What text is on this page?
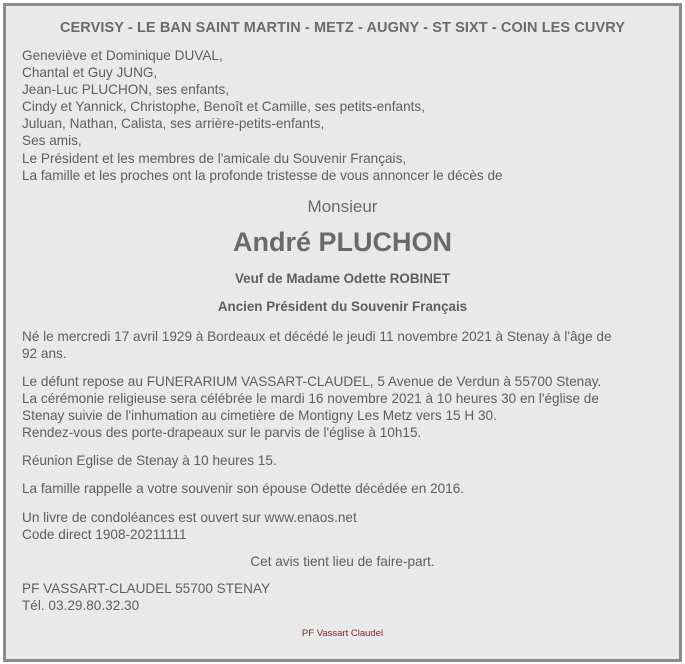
CERVISY - LE BAN SAINT MARTIN - METZ - AUGNY - ST SIXT - COIN LES CUVRY
Geneviève et Dominique DUVAL,
Chantal et Guy JUNG,
Jean-Luc PLUCHON, ses enfants,
Cindy et Yannick, Christophe, Benoît et Camille, ses petits-enfants,
Juluan, Nathan, Calista, ses arrière-petits-enfants,
Ses amis,
Le Président et les membres de l'amicale du Souvenir Français,
La famille et les proches ont la profonde tristesse de vous annoncer le décès de
Monsieur
André PLUCHON
Veuf de Madame Odette ROBINET
Ancien Président du Souvenir Français
Né le mercredi 17 avril 1929 à Bordeaux et décédé le jeudi 11 novembre 2021 à Stenay à l'âge de
92 ans.
Le défunt repose au FUNERARIUM VASSART-CLAUDEL, 5 Avenue de Verdun à 55700 Stenay.
La cérémonie religieuse sera célébrée le mardi 16 novembre 2021 à 10 heures 30 en l'église de
Stenay suivie de l'inhumation au cimetière de Montigny Les Metz vers 15 H 30.
Rendez-vous des porte-drapeaux sur le parvis de l'église à 10h15.
Réunion Eglise de Stenay à 10 heures 15.
La famille rappelle a votre souvenir son épouse Odette décédée en 2016.
Un livre de condoléances est ouvert sur www.enaos.net
Code direct 1908-20211111
Cet avis tient lieu de faire-part.
PF VASSART-CLAUDEL 55700 STENAY
Tél. 03.29.80.32.30
PF Vassart Claudel
